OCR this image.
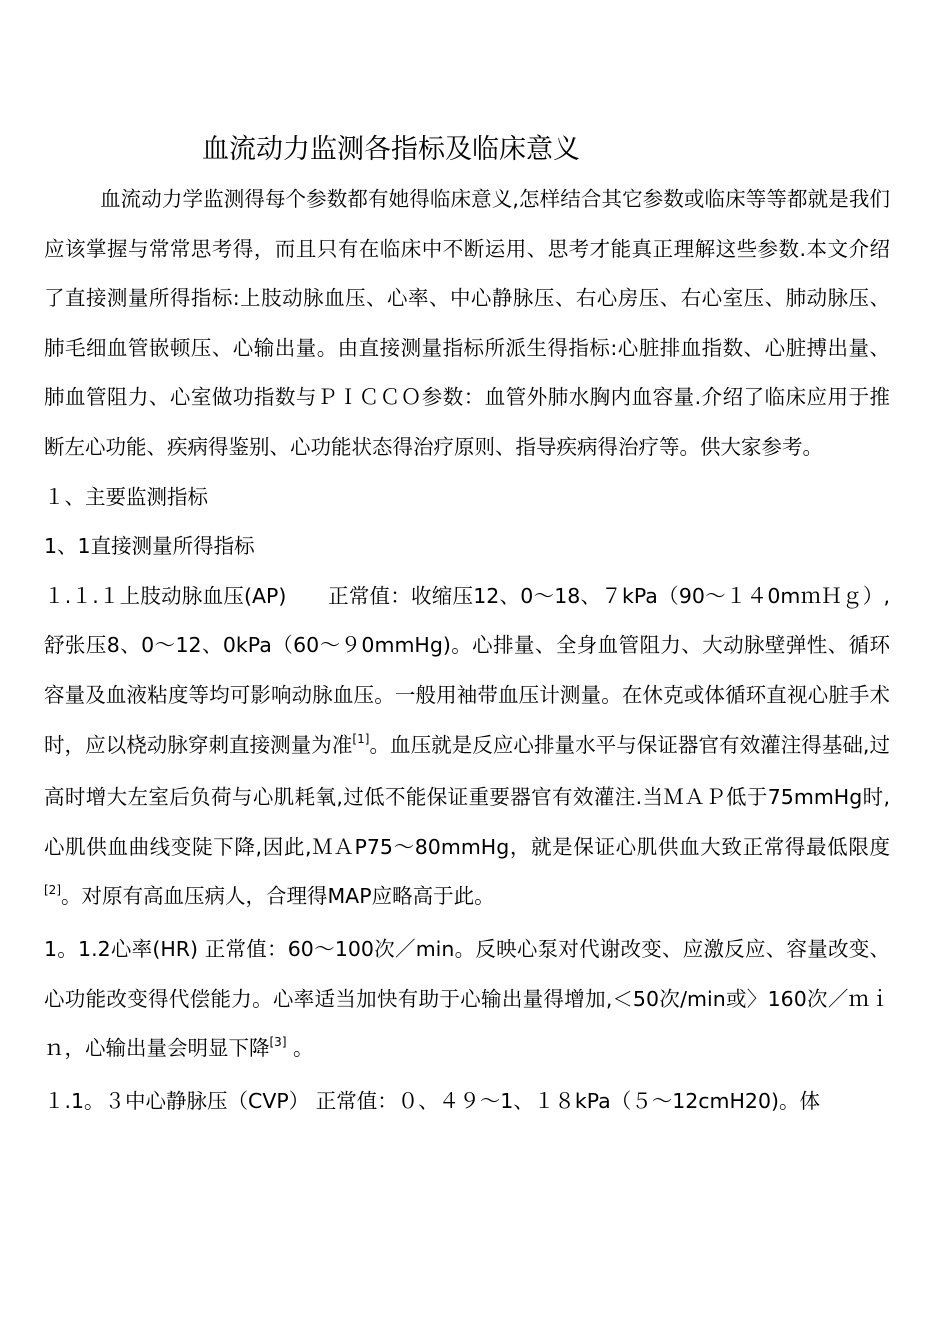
血流动力监测各指标及临床意义

血流动力学监测得每个参数都有她得临床意义,怎样结合其它参数或临床等等都就是我们应该掌握与常常思考得，而且只有在临床中不断运用、思考才能真正理解这些参数.本文介绍了直接测量所得指标:上肢动脉血压、心率、中心静脉压、右心房压、右心室压、肺动脉压、肺毛细血管嵌顿压、心输出量。由直接测量指标所派生得指标:心脏排血指数、心脏搏出量、肺血管阻力、心室做功指数与ＰＩＣＣＯ参数：血管外肺水胸内血容量.介绍了临床应用于推断左心功能、疾病得鉴别、心功能状态得治疗原则、指导疾病得治疗等。供大家参考。

１、主要监测指标

1、1直接测量所得指标

１.１.１上肢动脉血压(AP)　　正常值：收缩压12、0～18、７kPa（90～１４0mｍＨｇ）,舒张压8、0～12、0kPa（60～９0mmHg)。心排量、全身血管阻力、大动脉壁弹性、循环容量及血液粘度等均可影响动脉血压。一般用袖带血压计测量。在休克或体循环直视心脏手术时，应以桡动脉穿刺直接测量为准[1]。血压就是反应心排量水平与保证器官有效灌注得基础,过高时增大左室后负荷与心肌耗氧,过低不能保证重要器官有效灌注.当ＭＡＰ低于75mmHg时,心肌供血曲线变陡下降,因此,ＭＡP75～80mmHg，就是保证心肌供血大致正常得最低限度[2]。对原有高血压病人，合理得MAP应略高于此。

1。1.2心率(HR) 正常值：60～100次／min。反映心泵对代谢改变、应激反应、容量改变、心功能改变得代偿能力。心率适当加快有助于心输出量得增加,＜50次/min或〉160次／ｍｉｎ，心输出量会明显下降[3] 。

１.1。３中心静脉压（CVP） 正常值：０、４９～1、１８kPa（５～12cmH20)。体
